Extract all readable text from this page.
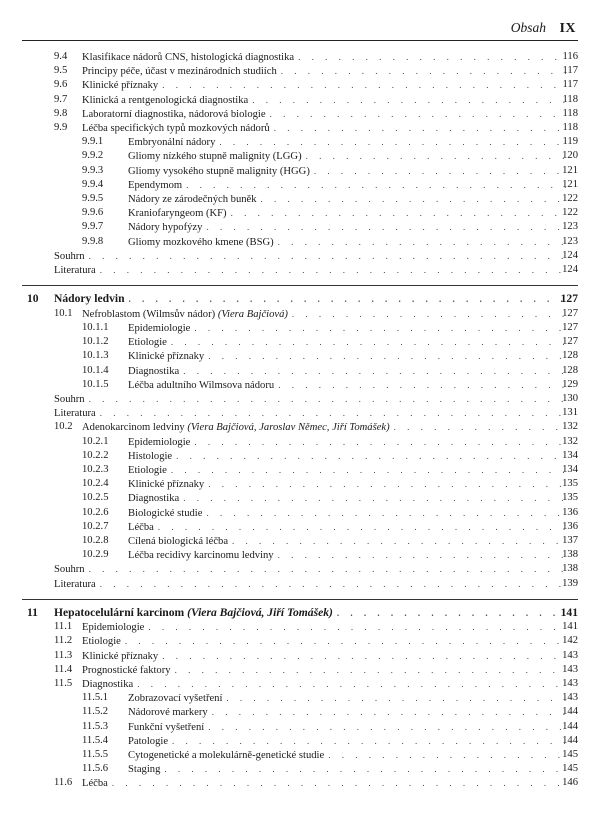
Obsah IX
9.4 Klasifikace nádorů CNS, histologická diagnostika . . .	116
9.5 Principy péče, účast v mezinárodních studiích . . .	117
9.6 Klinické příznaky . . .	117
9.7 Klinická a rentgenologická diagnostika . . .	118
9.8 Laboratorní diagnostika, nádorová biologie . . .	118
9.9 Léčba specifických typů mozkových nádorů . . .	118
9.9.1 Embryonální nádory . . .	119
9.9.2 Gliomy nízkého stupně malignity (LGG) . . .	120
9.9.3 Gliomy vysokého stupně malignity (HGG) . . .	121
9.9.4 Ependymom . . .	121
9.9.5 Nádory ze zárodečných buněk . . .	122
9.9.6 Kraniofaryngeom (KF) . . .	122
9.9.7 Nádory hypofýzy . . .	123
9.9.8 Gliomy mozkového kmene (BSG) . . .	123
Souhrn . . .	124
Literatura . . .	124
10 Nádory ledvin . . .	127
10.1 Nefroblastom (Wilmsův nádor) (Viera Bajčiová) . . .	127
10.1.1 Epidemiologie . . .	127
10.1.2 Etiologie . . .	127
10.1.3 Klinické příznaky . . .	128
10.1.4 Diagnostika . . .	128
10.1.5 Léčba adultního Wilmsova nádoru . . .	129
Souhrn . . .	130
Literatura . . .	131
10.2 Adenokarcinom ledviny (Viera Bajčiová, Jaroslav Němec, Jiří Tomášek) . . .	132
10.2.1 Epidemiologie . . .	132
10.2.2 Histologie . . .	134
10.2.3 Etiologie . . .	134
10.2.4 Klinické příznaky . . .	135
10.2.5 Diagnostika . . .	135
10.2.6 Biologické studie . . .	136
10.2.7 Léčba . . .	136
10.2.8 Cílená biologická léčba . . .	137
10.2.9 Léčba recidivy karcinomu ledviny . . .	138
Souhrn . . .	138
Literatura . . .	139
11 Hepatocelulární karcinom (Viera Bajčiová, Jiří Tomášek) . . .	141
11.1 Epidemiologie . . .	141
11.2 Etiologie . . .	142
11.3 Klinické příznaky . . .	143
11.4 Prognostické faktory . . .	143
11.5 Diagnostika . . .	143
11.5.1 Zobrazovací vyšetření . . .	143
11.5.2 Nádorové markery . . .	144
11.5.3 Funkční vyšetření . . .	144
11.5.4 Patologie . . .	144
11.5.5 Cytogenetické a molekulárně-genetické studie . . .	145
11.5.6 Staging . . .	145
11.6 Léčba . . .	146
